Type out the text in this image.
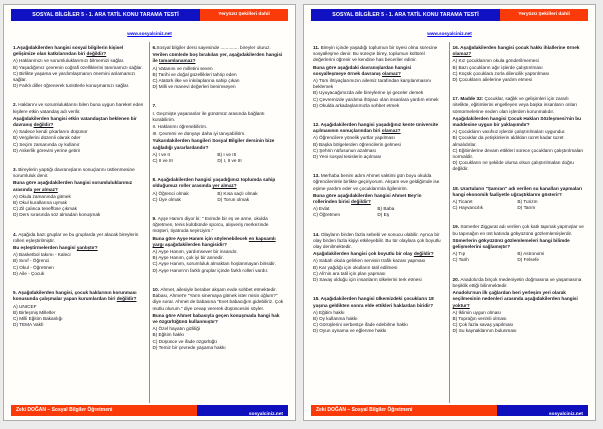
SOSYAL BİLGİLER 5 - 1. ARA TATİL KONU TARAMA TESTİ	Yeryüzü Şekilleri dahil
www.sosyalciniz.net
1.Aşağıdakilerden hangisi sosyal bilgilerin kişisel gelişimize olan katkılarından biri değildir?
A) Haklarımızı ve sorumluluklarımızı bilmemizi sağlar.
B) Yaşadığımız çevrenin coğrafi özelliklerini tanımamızı sağlar.
C) Birlikte yaşama ve yardımlaşmanın önemini anlamamızı sağlar.
D) Farklı diller öğrenerek turistlerle konuşmamızı sağlar.
2. Haklarını ve sorumluluklarını bilen buna uygun hareket eden kişilere etkin vatandaş adı verilir.
Aşağıdakilerden hangisi etkin vatandaştan beklenen bir davranış değildir?
A) Sadece kendi çıkarlarını düşünür
B) Vergilerini düzenli olarak öder
C) Seçim zamanında oy kullanır
D) Askerlik görevini yerine getirir
3. Bireylerin yaptığı davranışların sonuçlarını üstlenmesine sorumluluk denir.
Buna göre aşağıdakilerden hangisi sorumluluklarımız arasında yer almaz?
A) Okula zamanında gitmek
B) Okul kurallarına uymak
C) Zil çalınca teneffüse çıkmak
D) Ders sırasında söz almadan konuşmak
4. Aşağıda bazı gruplar ve bu gruplarda yer alacak bireylerin rolleri eşleştirilmiştir.
Bu eşleştirmelerden hangisi yanlıştır?
A) Basketbol takımı - Kaleci
B) Sınıf - Öğrenci
C) Okul - Öğretmen
D) Aile - Çocuk
5. Aşağıdakilerden hangisi, çocuk haklarının korunması konusunda çalışmalar yapan kurumlardan biri değildir?
A) UNICEF
B) Birleşmiş Milletler
C) Milli Eğitim Bakanlığı
D) TEMA Vakfı
6.Sosyal bilgiler dersi sayesinde .............. bireyler oluruz.
Verilen cümlede boş bırakılan yer, aşağıdakilerden hangisi ile tamamlanamaz?
A) Vatanını ve milletini seven
B) Tarihi ve doğal güzellikleri tahrip eden
C) Atatürk ilke ve inkılaplarına sahip çıkan
D) Milli ve manevi değerleri benimseyen
7.
I. Geçmişte yaşananlar ile günümüz arasında bağlantı kurabilirim.
II. Haklarımı öğrenebilirim.
III. Çevremi ve dünyayı daha iyi tanıyabilirim.
Yukarıdakilerden hangileri Sosyal Bilgiler dersinin bize sağladığı yararlardandır?
A) I ve II	B) I ve III
C) II ve III	D) I, II ve III
8. Aşağıdakilerden hangisi yaşadığımız toplumda sahip olduğumuz roller arasında yer almaz?
A) Öğrenci olmak	B) Kısa saçlı olmak
C) Üye olmak	D) Torun olmak
9. Ayşe Hanım diyor ki: " Evimde bir eş ve anne, okulda öğretmen, tenis kulübünde sporcu, alışveriş merkezinde müşteri, tiyatroda seyirciyim."
Buna göre Ayşe Hanım için söylenebilecek en kapsamlı yargı aşağıdakilerden hangisidir?
A) Ayşe Hanım, yardımsever bir insandır.
B) Ayşe Hanım, çok iyi bir annedir.
C) Ayşe Hanım, sorumluluk almaktan hoşlanmayan birisidir.
D) Ayşe Hanım'ın farklı gruplar içinde farklı rolleri vardır.
10. Ahmet, ailesiyle beraber akşam evde sohbet etmektedir. Babası, Ahmet'e "Yarın sinemaya gitmek ister misin oğlum?" diye sorar. Ahmet de babasına "Evet babacığım gidebiliriz. Çok mutlu olurum." diye cevap vererek düşüncesini söyler.
Buna göre Ahmet babasıyla geçen konuşmada hangi hak ve özgürlüğünü kullanmıştır?
A) Özel hayatın gizliliği
B) Eğitim hakkı
C) Düşünce ve ifade özgürlüğü
D) Temiz bir çevrede yaşama hakkı
Zeki DOĞAN – Sosyal Bilgiler Öğretmeni
sosyalciniz.net
SOSYAL BİLGİLER 5 - 1. ARA TATİL KONU TARAMA TESTİ	Yeryüzü Şekilleri dahil
www.sosyalciniz.net
11. Bireyin içinde yaşadığı toplumun bir üyesi olma sürecine sosyalleşme denir. Bu süreçte birey, toplumun kültürel değerlerini öğrenir ve kendine has beceriler edinir.
Buna göre aşağıdaki davranışlardan hangisi sosyalleşmeye örnek davranış olamaz?
A) Tüm ihtiyaçlarımızın ailemiz tarafından karşılanmasını beklemek
B) Uyuyacağımızda aile bireylerine iyi geceler demek
C) Çevremizde yardıma ihtiyacı olan insanlara yardım etmek
D) Okulda arkadaşlarımızla sohbet etmek
12. Aşağıdakilerden hangisi yaşadığınız kente üniversite açılmasının sonuçlarından biri olamaz?
A) Öğrencilere yönelik yurtlar yapılması
B) Başka bölgelerden öğrencilerin gelmesi
C) Şehrin nüfusunun azalması
D) Yeni sosyal tesislerin açılması
13. Merhaba benim adım Ahmet vaktimi gün boyu okulda öğrencilerimle birlikte geçiriyorum. Akşam eve geldiğimde ise eşime yardım eder ve çocuklarımla ilgilenirim.
Buna göre aşağıdakilerden hangisi Ahmet Bey'in rollerinden birisi değildir?
A) Evlat	B) Baba
C) Öğretmen	D) Eş
14. Olayların birden fazla sebebi ve sonucu olabilir. Ayrıca bir olay birden fazla kişiyi etkileyebilir. Bu tür olaylara çok boyutlu olay denilmektedir.
Aşağıdakilerden hangisi çok boyutlu bir olay değildir?
A) Sabah okula gelirken servisin trafik kazası yapması
B) Kar yağdığı için okulların tatil edilmesi
C) Ali'nin ara tatil için plan yapması
D) Savaş olduğu için insanların ülkelerini terk etmesi
15. Aşağıdakilerden hangisi ülkemizdeki çocukların 18 yaşına geldikten sonra elde ettikleri haklardan biridir?
A) Eğitim hakkı
B) Oy kullanma hakkı
C) Görüşlerini serbestçe ifade edebilme hakkı
D) Oyun oynama ve eğlenme hakkı
16. Aşağıdakilerden hangisi çocuk hakkı ihlallerine örnek olamaz?
A) Kız çocuklarının okula gönderilmemesi
B) Bazı çocukların ağır işlerde çalıştırılması
C) Küçük çocuklara zorla dilencilik yaptırılması
D) Çocukların ailelerine yardım etmesi
17. Madde 32: Çocuklar, sağlık ve gelişimleri için zararlı nitelikte, eğitimlerini engelleyen veya başka insanların onları sömürmelerine neden olan işlerden korunmalıdır.
Aşağıdakilerden hangisi Çocuk Hakları Sözleşmesi'nin bu maddesine uygun bir yaklaşımdır?
A) Çocukların vasıfsız işlerde çalıştırılmaları uygundur.
B) Çocuklar da yetişkinlerin aldıkları ücret kadar ücret almalıdırlar.
C) Eğitimlerine devam ettikleri sürece çocukların çalıştırılmaları normaldir.
D) Çocukların ne şekilde olursa olsun çalıştırılmaları doğru değildir.
18. Urartuların "Şamran" adı verilen su kanalları yapmaları hangi ekonomik faaliyetle uğraştıklarını gösterir?
A) Ticaret	B) Turizm
C) Hayvancılık	D) Tarım
19. Sümerler Ziggurat adı verilen çok katlı tapınak yapmışlar ve bu tapınağın en üst katında gökyüzünü gözlemlemişlerdir.
Sümerlerin gökyüzünü gözlemlemeleri hangi bilimde gelişmelerini sağlamıştır?
A) Tıp	B) Astronomi
C) Tarih	D) Felsefe
20. Anadolu'da birçok medeniyetin doğmasına ve yaşamasına beşiklik ettiği bilinmektedir.
Anadolu'nun ilk çağlardan beri yerleşim yeri olarak seçilmesinin nedenleri arasında aşağıdakilerden hangisi yoktur?
A) İklimin uygun olması
B) Toprağın verimli olması
C) Çok fazla savaş yapılması
D) Su kaynaklarının bulunması
Zeki DOĞAN – Sosyal Bilgiler Öğretmeni
sosyalciniz.net
